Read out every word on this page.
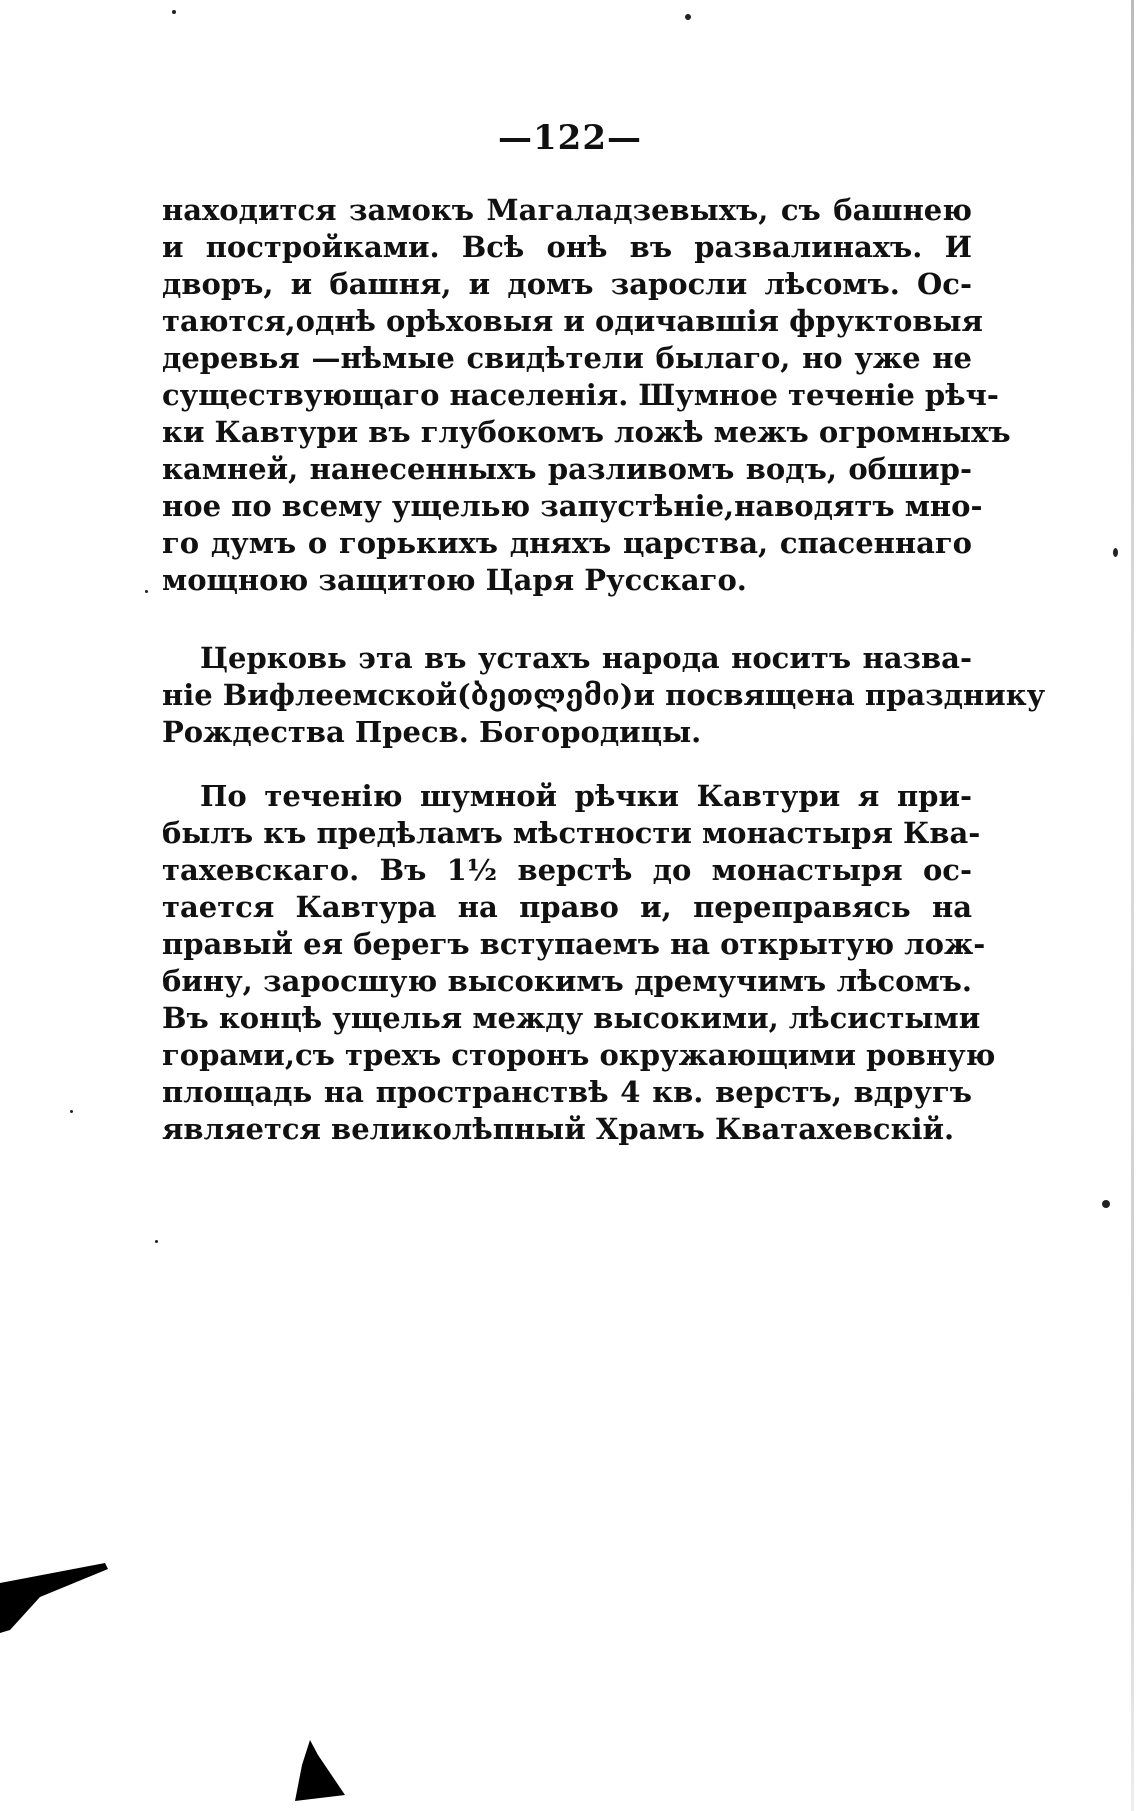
—122—
находится замокъ Магаладзевыхъ, съ башнею
и постройками. Всѣ онѣ въ развалинахъ. И
дворъ, и башня, и домъ заросли лѣсомъ. Ос-
таются,однѣ орѣховыя и одичавшія фруктовыя
деревья —нѣмые свидѣтели былаго, но уже не
существующаго населенія. Шумное теченіе рѣч-
ки Кавтури въ глубокомъ ложѣ межъ огромныхъ
камней, нанесенныхъ разливомъ водъ, обшир-
ное по всему ущелью запустѣніе,наводятъ мно-
го думъ о горькихъ дняхъ царства, спасеннаго
мощною защитою Царя Русскаго.
Церковь эта въ устахъ народа носитъ назва-
ніе Вифлеемской(ბეთლემი)и посвящена празднику
Рождества Пресв. Богородицы.
По теченію шумной рѣчки Кавтури я при-
былъ къ предѣламъ мѣстности монастыря Ква-
тахевскаго. Въ 1½ верстѣ до монастыря ос-
тается Кавтура на право и, переправясь на
правый ея берегъ вступаемъ на открытую лож-
бину, заросшую высокимъ дремучимъ лѣсомъ.
Въ концѣ ущелья между высокими, лѣсистыми
горами,съ трехъ сторонъ окружающими ровную
площадь на пространствѣ 4 кв. верстъ, вдругъ
является великолѣпный Храмъ Кватахевскій.
